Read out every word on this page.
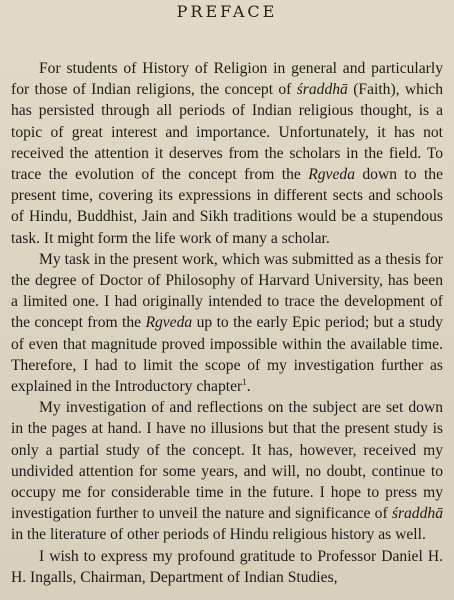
PREFACE

For students of History of Religion in general and particularly for those of Indian religions, the concept of śraddhā (Faith), which has persisted through all periods of Indian religious thought, is a topic of great interest and importance. Unfortunately, it has not received the attention it deserves from the scholars in the field. To trace the evolution of the concept from the Rgveda down to the present time, covering its expressions in different sects and schools of Hindu, Buddhist, Jain and Sikh traditions would be a stupendous task. It might form the life work of many a scholar.

My task in the present work, which was submitted as a thesis for the degree of Doctor of Philosophy of Harvard University, has been a limited one. I had originally intended to trace the development of the concept from the Rgveda up to the early Epic period; but a study of even that magnitude proved impossible within the available time. Therefore, I had to limit the scope of my investigation further as explained in the Introductory chapter$^1$.

My investigation of and reflections on the subject are set down in the pages at hand. I have no illusions but that the present study is only a partial study of the concept. It has, however, received my undivided attention for some years, and will, no doubt, continue to occupy me for considerable time in the future. I hope to press my investigation further to unveil the nature and significance of śraddhā in the literature of other periods of Hindu religious history as well.

I wish to express my profound gratitude to Professor Daniel H. H. Ingalls, Chairman, Department of Indian Studies,
